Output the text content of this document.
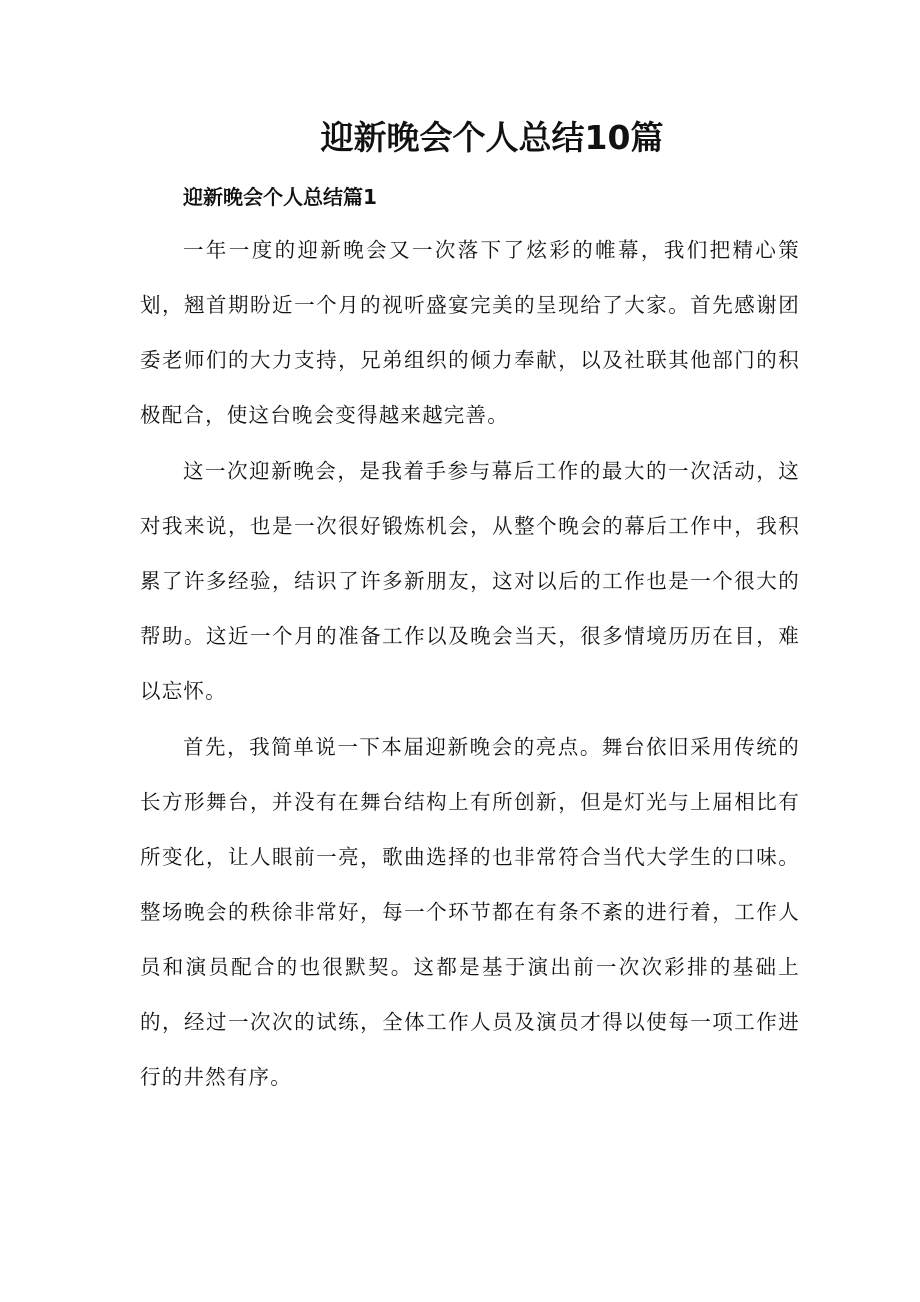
迎新晚会个人总结10篇
迎新晚会个人总结篇1

一年一度的迎新晚会又一次落下了炫彩的帷幕，我们把精心策划，翘首期盼近一个月的视听盛宴完美的呈现给了大家。首先感谢团委老师们的大力支持，兄弟组织的倾力奉献，以及社联其他部门的积极配合，使这台晚会变得越来越完善。

这一次迎新晚会，是我着手参与幕后工作的最大的一次活动，这对我来说，也是一次很好锻炼机会，从整个晚会的幕后工作中，我积累了许多经验，结识了许多新朋友，这对以后的工作也是一个很大的帮助。这近一个月的准备工作以及晚会当天，很多情境历历在目，难以忘怀。

首先，我简单说一下本届迎新晚会的亮点。舞台依旧采用传统的长方形舞台，并没有在舞台结构上有所创新，但是灯光与上届相比有所变化，让人眼前一亮，歌曲选择的也非常符合当代大学生的口味。整场晚会的秩徐非常好，每一个环节都在有条不紊的进行着，工作人员和演员配合的也很默契。这都是基于演出前一次次彩排的基础上的，经过一次次的试练，全体工作人员及演员才得以使每一项工作进行的井然有序。
